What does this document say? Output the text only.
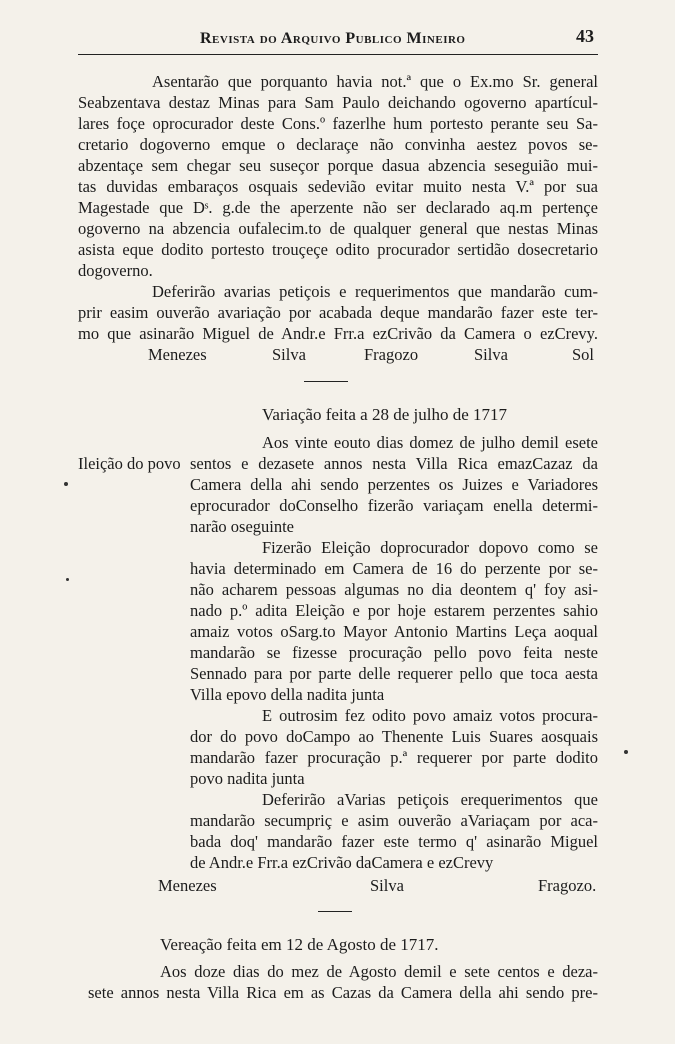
Revista do Arquivo Publico Mineiro	43
Asentarão que porquanto havia not.ª que o Ex.mo Sr. general
Seabzentava destaz Minas para Sam Paulo deichando ogoverno apartícul-
lares foçe oprocurador deste Cons.º fazerlhe hum portesto perante seu Sa-
cretario dogoverno emque o declaraçe não convinha aestez povos se-
abzentaçe sem chegar seu suseçor porque dasua abzencia seseguião mui-
tas duvidas embaraços osquais sedevião evitar muito nesta V.ª por sua
Magestade que Dˢ. g.de the aperzente não ser declarado aq.m pertençe
ogoverno na abzencia oufalecim.to de qualquer general que nestas Minas
asista eque dodito portesto trouçeçe odito procurador sertidão dosecretario
dogoverno.
Deferirão avarias petiçois e requerimentos que mandarão cum-
prir easim ouverão avariação por acabada deque mandarão fazer este ter-
mo que asinarão Miguel de Andr.e Frr.a ezCrivão da Camera o ezCrevy.
Menezes	Silva	Fragozo	Silva	Sol
Variação feita a 28 de julho de 1717
Ileição do povo
Aos vinte eouto dias domez de julho demil esete
sentos e dezasete annos nesta Villa Rica emazCazaz da
Camera della ahi sendo perzentes os Juizes e Variadores
eprocurador doConselho fizerão variaçam enella determi-
narão oseguinte
Fizerão Eleição doprocurador dopovo como se
havia determinado em Camera de 16 do perzente por se-
não acharem pessoas algumas no dia deontem q' foy asi-
nado p.º adita Eleição e por hoje estarem perzentes sahio
amaiz votos oSarg.to Mayor Antonio Martins Leça aoqual
mandarão se fizesse procuração pello povo feita neste
Sennado para por parte delle requerer pello que toca aesta
Villa epovo della nadita junta
E outrosim fez odito povo amaiz votos procura-
dor do povo doCampo ao Thenente Luis Suares aosquais
mandarão fazer procuração p.ª requerer por parte dodito
povo nadita junta
Deferirão aVarias petiçois erequerimentos que
mandarão secumpriç e asim ouverão aVariaçam por aca-
bada doq' mandarão fazer este termo q' asinarão Miguel
de Andr.e Frr.a ezCrivão daCamera e ezCrevy
Menezes	Silva	Fragozo.
Vereação feita em 12 de Agosto de 1717.
Aos doze dias do mez de Agosto demil e sete centos e deza-
sete annos nesta Villa Rica em as Cazas da Camera della ahi sendo pre-
